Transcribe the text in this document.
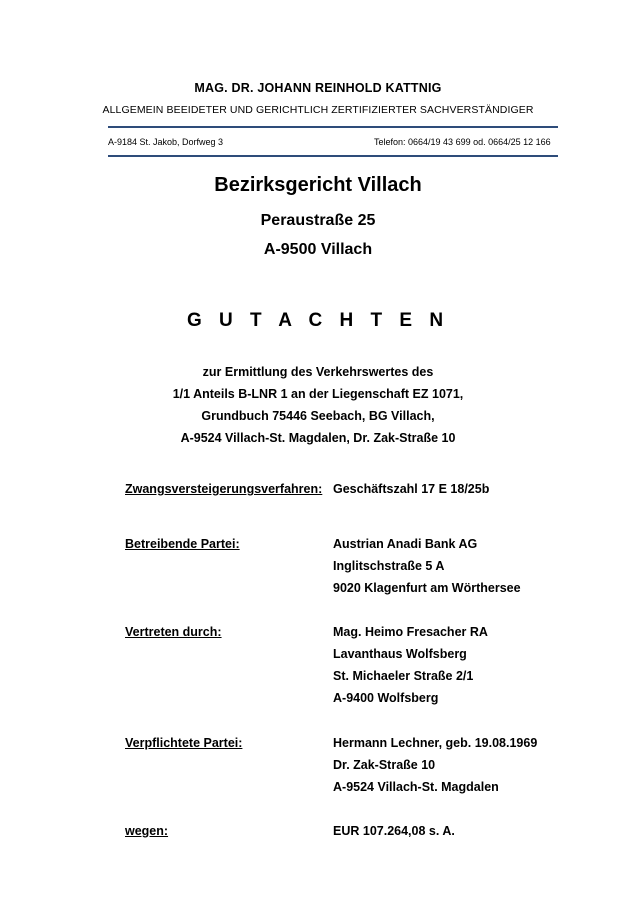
MAG. DR. JOHANN REINHOLD KATTNIG
ALLGEMEIN BEEIDETER UND GERICHTLICH ZERTIFIZIERTER SACHVERSTÄNDIGER
A-9184 St. Jakob, Dorfweg 3	Telefon: 0664/19 43 699 od. 0664/25 12 166
Bezirksgericht Villach
Peraustraße 25
A-9500 Villach
G U T A C H T E N
zur Ermittlung des Verkehrswertes des
1/1 Anteils B-LNR 1 an der Liegenschaft EZ 1071,
Grundbuch 75446 Seebach, BG Villach,
A-9524 Villach-St. Magdalen, Dr. Zak-Straße 10
Zwangsversteigerungsverfahren: Geschäftszahl 17 E 18/25b
Betreibende Partei:	Austrian Anadi Bank AG
Inglitschstraße 5 A
9020 Klagenfurt am Wörthersee
Vertreten durch:	Mag. Heimo Fresacher RA
Lavanthaus Wolfsberg
St. Michaeler Straße 2/1
A-9400 Wolfsberg
Verpflichtete Partei:	Hermann Lechner, geb. 19.08.1969
Dr. Zak-Straße 10
A-9524 Villach-St. Magdalen
wegen:	EUR 107.264,08 s. A.
